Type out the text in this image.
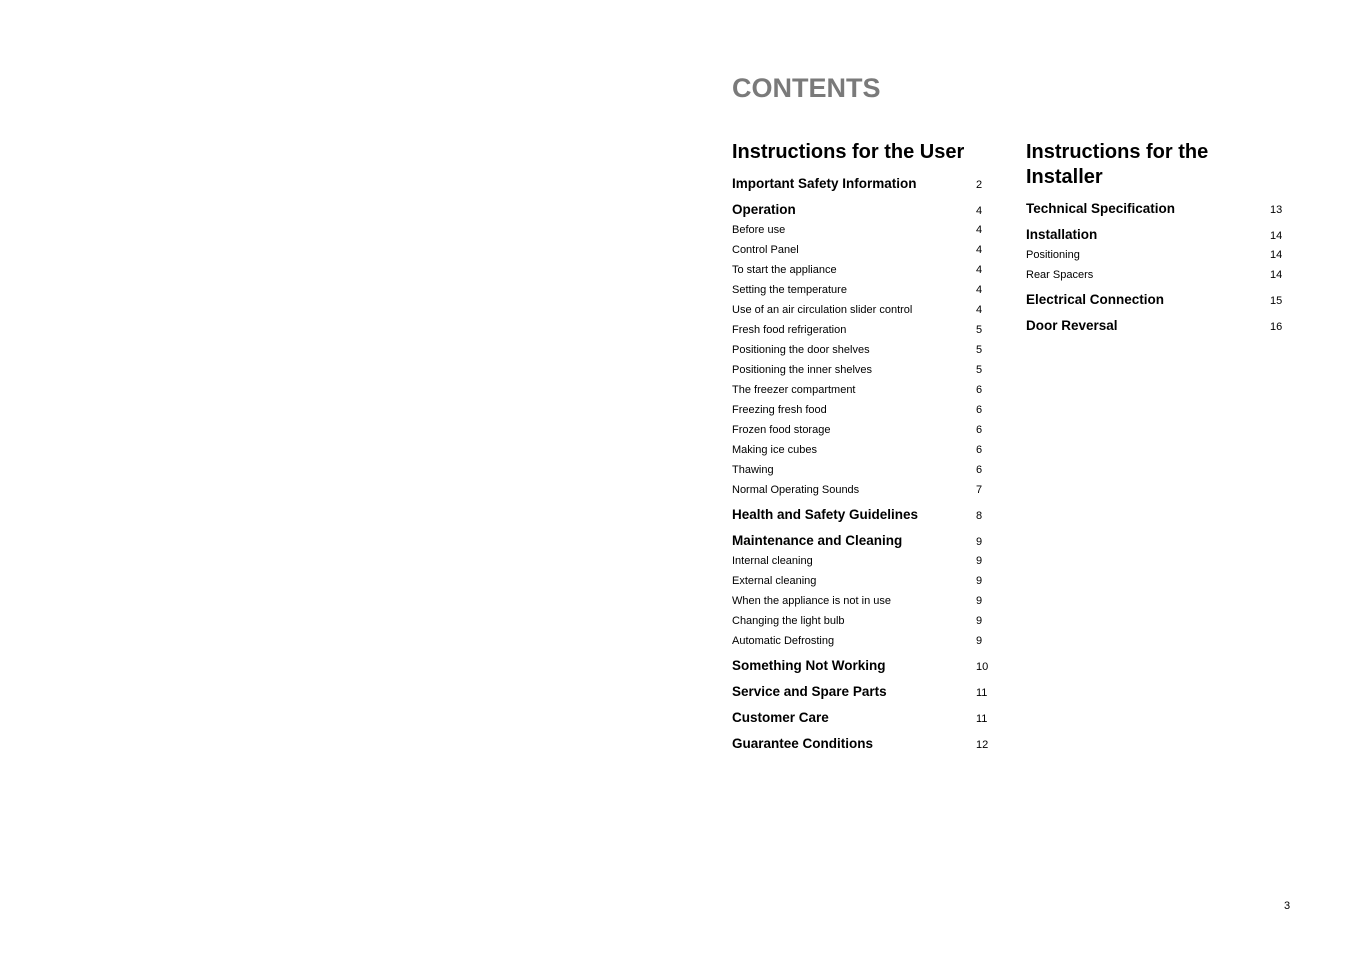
CONTENTS
Instructions for the User
Important Safety Information	2
Operation	4
Before use	4
Control Panel	4
To start the appliance	4
Setting the temperature	4
Use of an air circulation slider control	4
Fresh food refrigeration	5
Positioning the door shelves	5
Positioning the inner shelves	5
The freezer compartment	6
Freezing fresh food	6
Frozen food storage	6
Making ice cubes	6
Thawing	6
Normal Operating Sounds	7
Health and Safety Guidelines	8
Maintenance and Cleaning	9
Internal cleaning	9
External cleaning	9
When the appliance is not in use	9
Changing the light bulb	9
Automatic Defrosting	9
Something Not Working	10
Service and Spare Parts	11
Customer Care	11
Guarantee Conditions	12
Instructions for the Installer
Technical Specification	13
Installation	14
Positioning	14
Rear Spacers	14
Electrical Connection	15
Door Reversal	16
3
